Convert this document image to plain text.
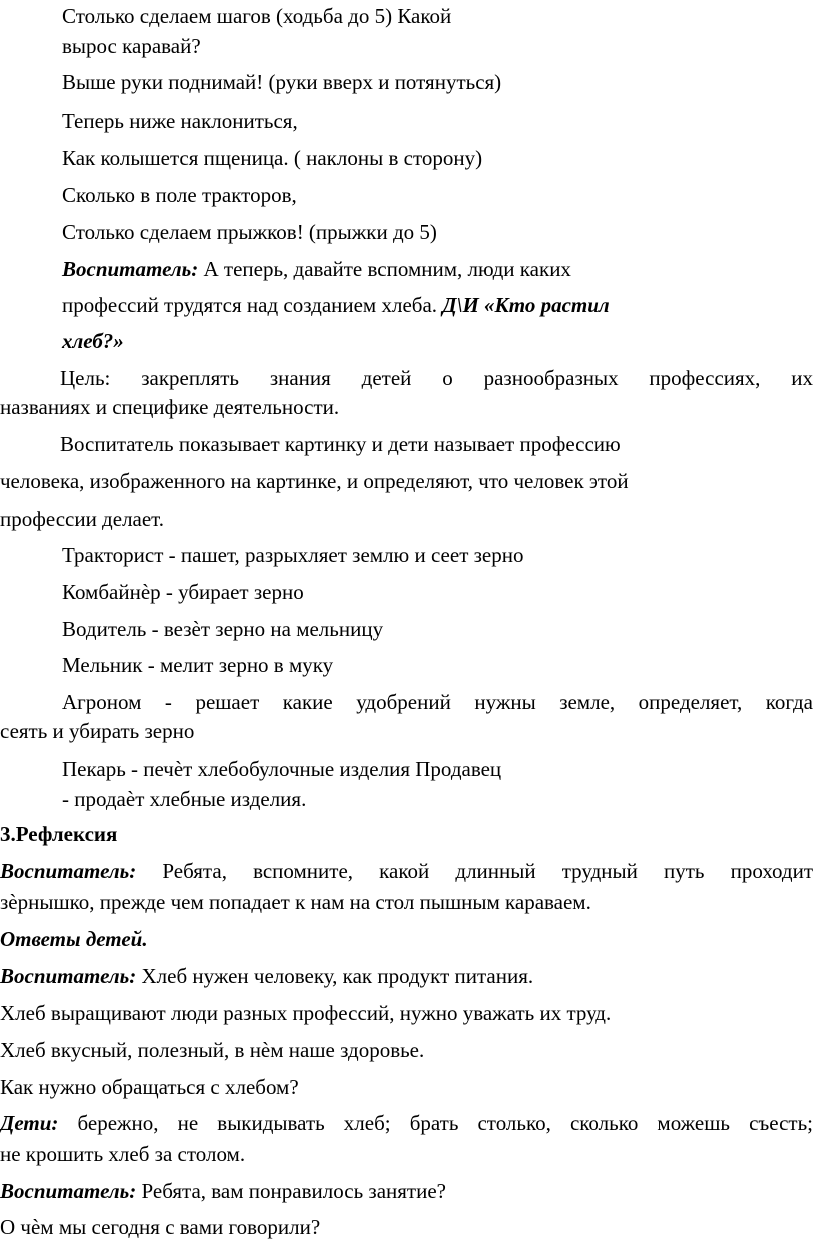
Столько сделаем шагов (ходьба до 5) Какой
вырос каравай?
Выше руки поднимай! (руки вверх и потянуться)
Теперь ниже наклониться,
Как колышется пщеница. ( наклоны в сторону)
Сколько в поле тракторов,
Столько сделаем прыжков! (прыжки до 5)
Воспитатель: А теперь, давайте вспомним, люди каких
профессий трудятся над созданием хлеба. Д\И «Кто растил
хлеб?»
Цель: закреплять знания детей о разнообразных профессиях, их
названиях и специфике деятельности.
Воспитатель показывает картинку и дети называет профессию
человека, изображенного на картинке, и определяют, что человек этой
профессии делает.
Тракторист - пашет, разрыхляет землю и сеет зерно
Комбайнѐр - убирает зерно
Водитель - везѐт зерно на мельницу
Мельник - мелит зерно в муку
Агроном - решает какие удобрений нужны земле, определяет, когда
сеять и убирать зерно
Пекарь - печѐт хлебобулочные изделия Продавец
- продаѐт хлебные изделия.
3.Рефлексия
Воспитатель: Ребята, вспомните, какой длинный трудный путь проходит
зѐрнышко, прежде чем попадает к нам на стол пышным караваем.
Ответы детей.
Воспитатель: Хлеб нужен человеку, как продукт питания.
Хлеб выращивают люди разных профессий, нужно уважать их труд.
Хлеб вкусный, полезный, в нѐм наше здоровье.
Как нужно обращаться с хлебом?
Дети: бережно, не выкидывать хлеб; брать столько, сколько можешь съесть;
не крошить хлеб за столом.
Воспитатель: Ребята, вам понравилось занятие?
О чѐм мы сегодня с вами говорили?
